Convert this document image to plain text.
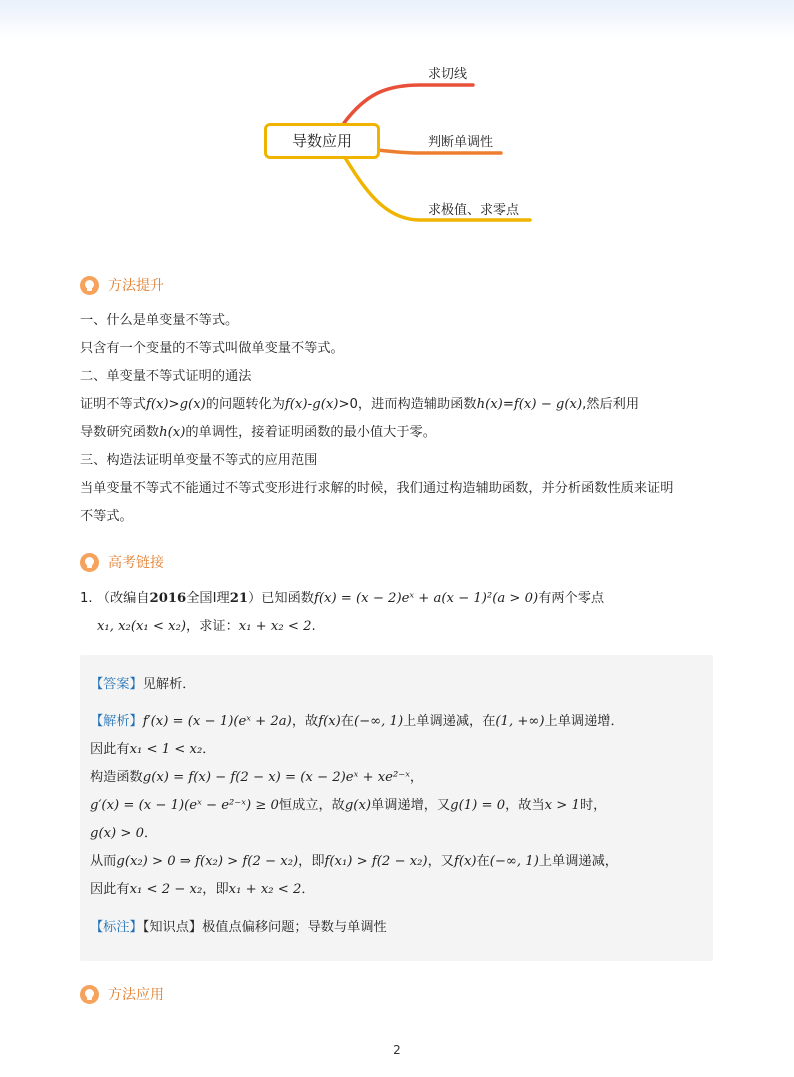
导数应用
求切线
判断单调性
求极值、求零点
方法提升
一、什么是单变量不等式。
只含有一个变量的不等式叫做单变量不等式。
二、单变量不等式证明的通法
证明不等式f(x)>g(x)的问题转化为f(x)-g(x)>0，进而构造辅助函数h(x)=f(x) − g(x),然后利用
导数研究函数h(x)的单调性，接着证明函数的最小值大于零。
三、构造法证明单变量不等式的应用范围
当单变量不等式不能通过不等式变形进行求解的时候，我们通过构造辅助函数，并分析函数性质来证明
不等式。
高考链接
1. （改编自2016全国I理21）已知函数f(x) = (x − 2)eˣ + a(x − 1)²(a > 0)有两个零点
x₁, x₂(x₁ < x₂)，求证：x₁ + x₂ < 2.
【答案】见解析．
【解析】f′(x) = (x − 1)(eˣ + 2a)，故f(x)在(−∞, 1)上单调递减，在(1, +∞)上单调递增．
因此有x₁ < 1 < x₂．
构造函数g(x) = f(x) − f(2 − x) = (x − 2)eˣ + xe²⁻ˣ，
g′(x) = (x − 1)(eˣ − e²⁻ˣ) ≥ 0恒成立，故g(x)单调递增，又g(1) = 0，故当x > 1时，
g(x) > 0．
从而g(x₂) > 0 ⇒ f(x₂) > f(2 − x₂)，即f(x₁) > f(2 − x₂)，又f(x)在(−∞, 1)上单调递减，
因此有x₁ < 2 − x₂，即x₁ + x₂ < 2．
【标注】【知识点】极值点偏移问题；导数与单调性
方法应用
2
